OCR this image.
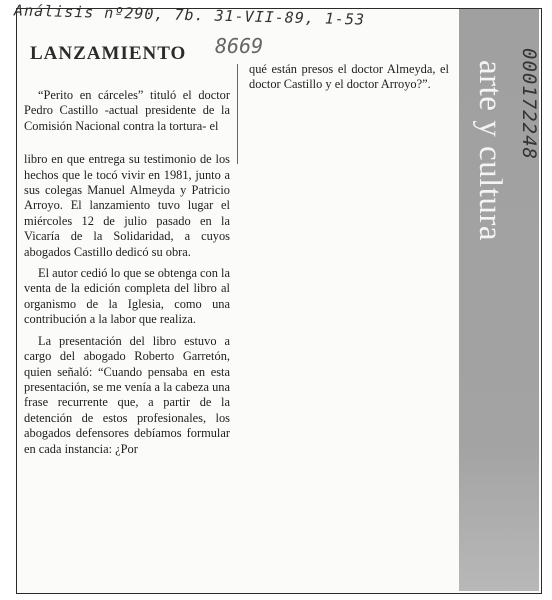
arte y cultura
Análisis nº290, 7b. 31-VII-89, 1-53
8669
000172248
LANZAMIENTO

“Perito en cárceles” tituló el doctor Pedro Castillo -actual presidente de la Comisión Nacional contra la tortura- el

libro en que entrega su testimonio de los hechos que le tocó vivir en 1981, junto a sus colegas Manuel Almeyda y Patricio Arroyo. El lanzamiento tuvo lugar el miércoles 12 de julio pasado en la Vicaría de la Solidaridad, a cuyos abogados Castillo dedicó su obra.

El autor cedió lo que se obtenga con la venta de la edición completa del libro al organismo de la Iglesia, como una contribución a la labor que realiza.

La presentación del libro estuvo a cargo del abogado Roberto Garretón, quien señaló: “Cuando pensaba en esta presentación, se me venía a la cabeza una frase recurrente que, a partir de la detención de estos profesionales, los abogados defensores debíamos formular en cada instancia: ¿Por

qué están presos el doctor Almeyda, el doctor Castillo y el doctor Arroyo?”.
